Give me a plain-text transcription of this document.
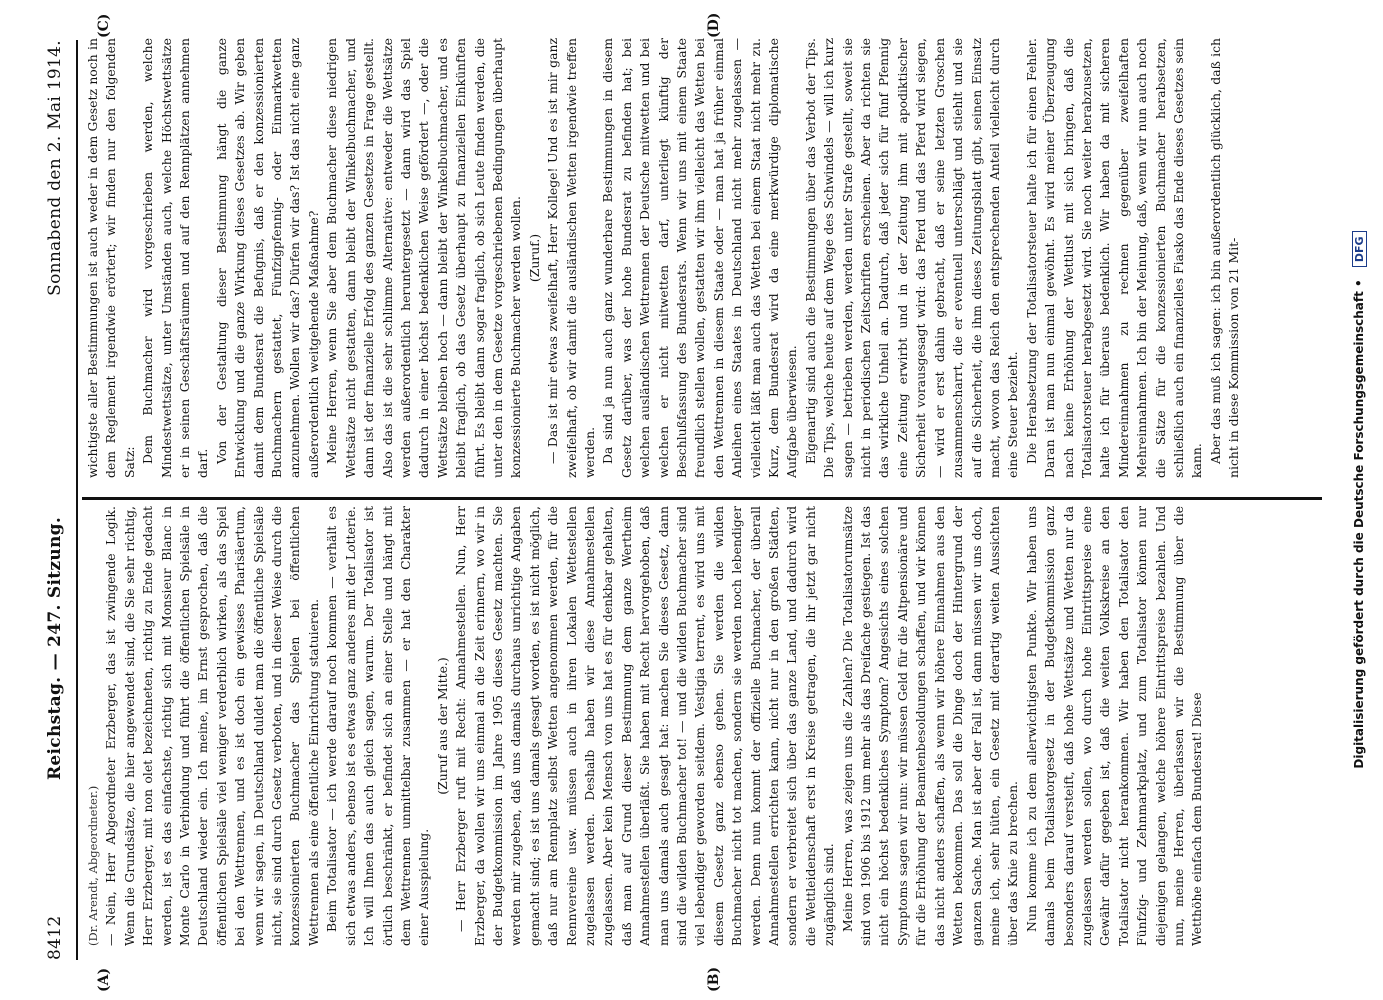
8412
Reichstag. — 247. Sitzung.
Sonnabend den 2. Mai 1914.
(A)	(B)
(C)	(D)

(Dr. Arendt, Abgeordneter.) — Nein, Herr Abgeordneter Erzberger, das ist zwingende Logik. Wenn die Grundsätze, die hier angewendet sind, die Sie sehr richtig, Herr Erzberger, mit non olet bezeichneten, richtig zu Ende gedacht werden, ist es das einfachste, richtig sich mit Monsieur Blanc in Monte Carlo in Verbindung und führt die öffentlichen Spielsäle in Deutschland wieder ein. Ich meine, im Ernst gesprochen, daß die öffentlichen Spielsäle viel weniger verderblich wirken, als das Spiel bei den Wettrennen, und es ist doch ein gewisses Pharisäertum, wenn wir sagen, in Deutschland duldet man die öffentliche Spielsäle nicht, sie sind durch Gesetz verboten, und in dieser Weise durch die konzessionierten Buchmacher das Spielen bei öffentlichen Wettrennen als eine öffentliche Einrichtung statuieren. Beim Totalisator — ich werde darauf noch kommen — verhält es sich etwas anders, ebenso ist es etwas ganz anderes mit der Lotterie. Ich will Ihnen das auch gleich sagen, warum. Der Totalisator ist örtlich beschränkt, er befindet sich an einer Stelle und hängt mit dem Wettrennen unmittelbar zusammen — er hat den Charakter einer Ausspielung.

(Zuruf aus der Mitte.) — Herr Erzberger ruft mit Recht: Annahmestellen. Nun, Herr Erzberger, da wollen wir uns einmal an die Zeit erinnern, wo wir in der Budgetkommission im Jahre 1905 dieses Gesetz machten. Sie werden mir zugeben, daß uns damals durchaus unrichtige Angaben gemacht sind; es ist uns damals gesagt worden, es ist nicht möglich, daß nur am Rennplatz selbst Wetten angenommen werden, für die Rennvereine usw. müssen auch in ihren Lokalen Wettestellen zugelassen werden. Deshalb haben wir diese Annahmestellen zugelassen. Aber kein Mensch von uns hat es für denkbar gehalten, daß man auf Grund dieser Bestimmung dem ganze Wertheim Annahmestellen überläßt. Sie haben mit Recht hervorgehoben, daß man uns damals auch gesagt hat: machen Sie dieses Gesetz, dann sind die wilden Buchmacher tot! — und die wilden Buchmacher sind viel lebendiger geworden seitdem. Vestigia terrent, es wird uns mit diesem Gesetz ganz ebenso gehen. Sie werden die wilden Buchmacher nicht tot machen, sondern sie werden noch lebendiger werden. Denn nun kommt der offizielle Buchmacher, der überall Annahmestellen errichten kann, nicht nur in den großen Städten, sondern er verbreitet sich über das ganze Land, und dadurch wird die Wettleidenschaft erst in Kreise getragen, die ihr jetzt gar nicht zugänglich sind. Meine Herren, was zeigen uns die Zahlen? Die Totalisatorumsätze sind von 1906 bis 1912 um mehr als das Dreifache gestiegen. Ist das nicht ein höchst bedenkliches Symptom? Angesichts eines solchen Symptoms sagen wir nun: wir müssen Geld für die Altpensionäre und für die Erhöhung der Beamtenbesoldungen schaffen, und wir können das nicht anders schaffen, als wenn wir höhere Einnahmen aus den Wetten bekommen. Das soll die Dinge doch der Hintergrund der ganzen Sache. Man ist aber der Fall ist, dann müssen wir uns doch, meine ich, sehr hüten, ein Gesetz mit derartig weiten Aussichten über das Knie zu brechen. Nun komme ich zu dem allerwichtigsten Punkte. Wir haben uns damals beim Totalisatorgesetz in der Budgetkommission ganz besonders darauf versteift, daß hohe Wettsätze und Wetten nur da zugelassen werden sollen, wo durch hohe Eintrittspreise eine Gewähr dafür gegeben ist, daß die weiten Volkskreise an den Totalisator nicht herankommen. Wir haben den Totalisator den Fünfzig- und Zehnmarkplatz, und zum Totalisator können nur diejenigen gelangen, welche höhere Eintrittspreise bezahlen. Und nun, meine Herren, überlassen wir die Bestimmung über die Wetthöhe einfach dem Bundesrat! Diese

wichtigste aller Bestimmungen ist auch weder in dem Gesetz noch in dem Reglement irgendwie erörtert; wir finden nur den folgenden Satz: Dem Buchmacher wird vorgeschrieben werden, welche Mindestwettsätze, unter Umständen auch, welche Höchstwettsätze er in seinen Geschäftsräumen und auf den Rennplätzen annehmen darf. Von der Gestaltung dieser Bestimmung hängt die ganze Entwicklung und die ganze Wirkung dieses Gesetzes ab. Wir geben damit dem Bundesrat die Befugnis, daß er den konzessionierten Buchmachern gestattet, Fünfzigpfennig- oder Einmarkwetten anzunehmen. Wollen wir das? Dürfen wir das? Ist das nicht eine ganz außerordentlich weitgehende Maßnahme? Meine Herren, wenn Sie aber dem Buchmacher diese niedrigen Wettsätze nicht gestatten, dann bleibt der Winkelbuchmacher, und dann ist der finanzielle Erfolg des ganzen Gesetzes in Frage gestellt. Also das ist die sehr schlimme Alternative: entweder die Wettsätze werden außerordentlich heruntergesetzt — dann wird das Spiel dadurch in einer höchst bedenklichen Weise gefördert —, oder die Wettsätze bleiben hoch — dann bleibt der Winkelbuchmacher, und es bleibt fraglich, ob das Gesetz überhaupt zu finanziellen Einkünften führt. Es bleibt dann sogar fraglich, ob sich Leute finden werden, die unter den in dem Gesetze vorgeschriebenen Bedingungen überhaupt konzessionierte Buchmacher werden wollen. (Zuruf.) — Das ist mir etwas zweifelhaft, Herr Kollege! Und es ist mir ganz zweifelhaft, ob wir damit die ausländischen Wetten irgendwie treffen werden. Da sind ja nun auch ganz wunderbare Bestimmungen in diesem Gesetz darüber, was der hohe Bundesrat zu befinden hat; bei welchen ausländischen Wettrennen der Deutsche mitwetten und bei welchen er nicht mitwetten darf, unterliegt künftig der Beschlußfassung des Bundesrats. Wenn wir uns mit einem Staate freundlich stellen wollen, gestatten wir ihm vielleicht das Wetten bei den Wettrennen in diesem Staate oder — man hat ja früher einmal Anleihen eines Staates in Deutschland nicht mehr zugelassen — vielleicht läßt man auch das Wetten bei einem Staat nicht mehr zu. Kurz, dem Bundesrat wird da eine merkwürdige diplomatische Aufgabe überwiesen. Eigenartig sind auch die Bestimmungen über das Verbot der Tips. Die Tips, welche heute auf dem Wege des Schwindels — will ich kurz sagen — betrieben werden, werden unter Strafe gestellt, soweit sie nicht in periodischen Zeitschriften erscheinen. Aber da richten sie das wirkliche Unheil an. Dadurch, daß jeder sich für fünf Pfennig eine Zeitung erwirbt und in der Zeitung ihm mit apodiktischer Sicherheit vorausgesagt wird: das Pferd und das Pferd wird siegen, — wird er erst dahin gebracht, daß er seine letzten Groschen zusammenscharrt, die er eventuell unterschlägt und stiehlt und sie auf die Sicherheit, die ihm dieses Zeitungsblatt gibt, seinen Einsatz macht, wovon das Reich den entsprechenden Anteil vielleicht durch eine Steuer bezieht. Die Herabsetzung der Totalisatorsteuer halte ich für einen Fehler. Daran ist man nun einmal gewöhnt. Es wird meiner Überzeugung nach keine Erhöhung der Wettlust mit sich bringen, daß die Totalisatorsteuer herabgesetzt wird. Sie noch weiter herabzusetzen, halte ich für überaus bedenklich. Wir haben da mit sicheren Mindereinnahmen zu rechnen gegenüber zweifelhaften Mehreinnahmen. Ich bin der Meinung, daß, wenn wir nun auch noch die Sätze für die konzessionierten Buchmacher herabsetzen, schließlich auch ein finanzielles Fiasko das Ende dieses Gesetzes sein kann. Aber das muß ich sagen: ich bin außerordentlich glücklich, daß ich nicht in diese Kommission von 21 Mit-	Digitalisierung gefördert durch die Deutsche Forschungsgemeinschaft • DFG
